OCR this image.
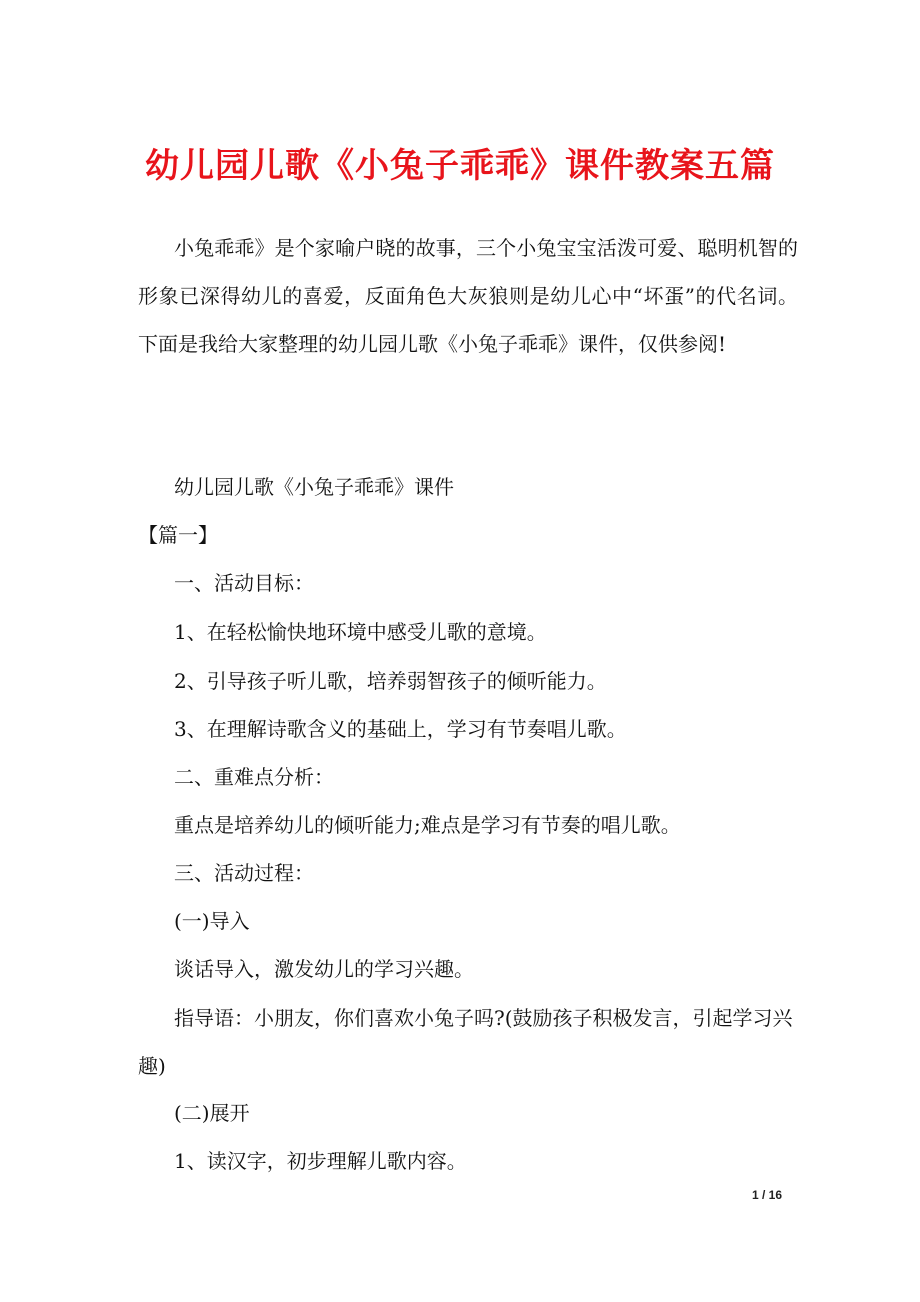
幼儿园儿歌《小兔子乖乖》课件教案五篇

小兔乖乖》是个家喻户晓的故事，三个小兔宝宝活泼可爱、聪明机智的形象已深得幼儿的喜爱，反面角色大灰狼则是幼儿心中“坏蛋”的代名词。下面是我给大家整理的幼儿园儿歌《小兔子乖乖》课件，仅供参阅!

幼儿园儿歌《小兔子乖乖》课件

【篇一】

一、活动目标：

1、在轻松愉快地环境中感受儿歌的意境。

2、引导孩子听儿歌，培养弱智孩子的倾听能力。

3、在理解诗歌含义的基础上，学习有节奏唱儿歌。

二、重难点分析：

重点是培养幼儿的倾听能力;难点是学习有节奏的唱儿歌。

三、活动过程：

(一)导入

谈话导入，激发幼儿的学习兴趣。

指导语：小朋友，你们喜欢小兔子吗?(鼓励孩子积极发言，引起学习兴趣)

(二)展开

1、读汉字，初步理解儿歌内容。

1 / 16
